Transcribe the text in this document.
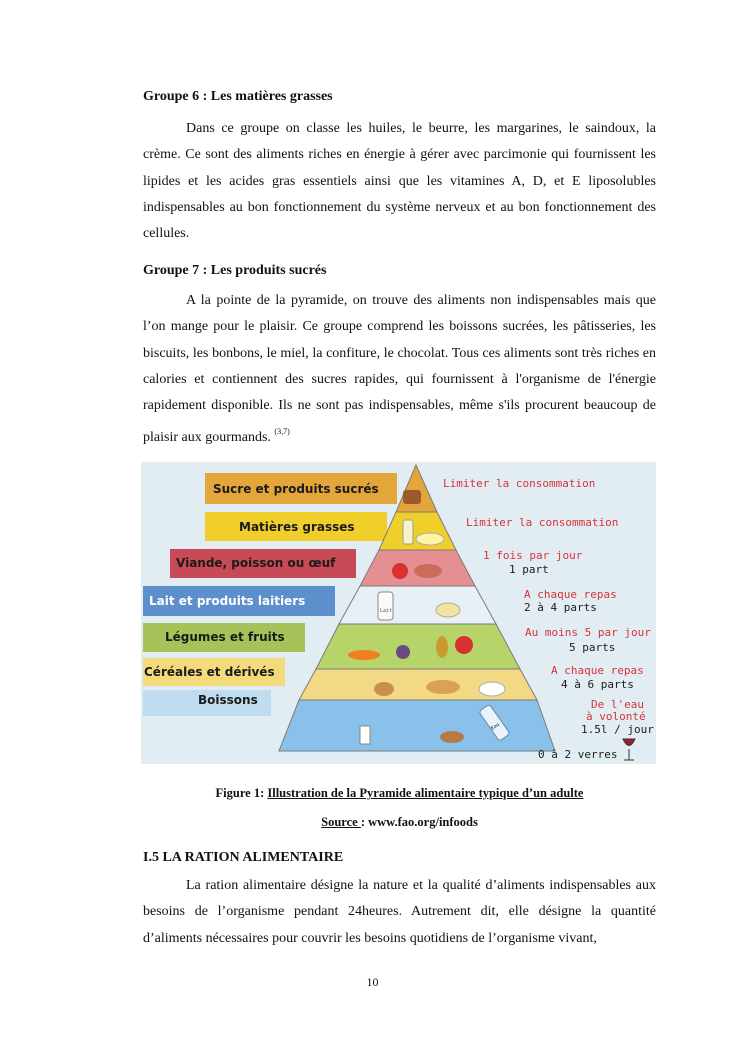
Groupe 6 : Les matières grasses

Dans ce groupe on classe les huiles, le beurre, les margarines, le saindoux, la crème. Ce sont des aliments riches en énergie à gérer avec parcimonie qui fournissent les lipides et les acides gras essentiels ainsi que les vitamines A, D, et E liposolubles indispensables au bon fonctionnement du système nerveux et au bon fonctionnement des cellules.

Groupe 7 : Les produits sucrés

A la pointe de la pyramide, on trouve des aliments non indispensables mais que l’on mange pour le plaisir. Ce groupe comprend les boissons sucrées, les pâtisseries, les biscuits, les bonbons, le miel, la confiture, le chocolat. Tous ces aliments sont très riches en calories et contiennent des sucres rapides, qui fournissent à l'organisme de l'énergie rapidement disponible. Ils ne sont pas indispensables, même s'ils procurent beaucoup de plaisir aux gourmands. $^{(3,7)}$

Sucre et produits sucrés
Matières grasses
Viande, poisson ou œuf
Lait et produits laitiers
Légumes et fruits
Céréales et dérivés
Boissons
Limiter la consommation
Limiter la consommation
1 fois par jour
1 part
A chaque repas
2 à 4 parts
Au moins 5 par jour
5 parts
A chaque repas
4 à 6 parts
De l'eau
à volonté
1.5l / jour
0 à 2 verres
Lait
Eau
Figure 1: Illustration de la Pyramide alimentaire typique d’un adulte
Source : www.fao.org/infoods
I.5 LA RATION ALIMENTAIRE

La ration alimentaire désigne la nature et la qualité d’aliments indispensables aux besoins de l’organisme pendant 24heures. Autrement dit, elle désigne la quantité d’aliments nécessaires pour couvrir les besoins quotidiens de l’organisme vivant,

10
